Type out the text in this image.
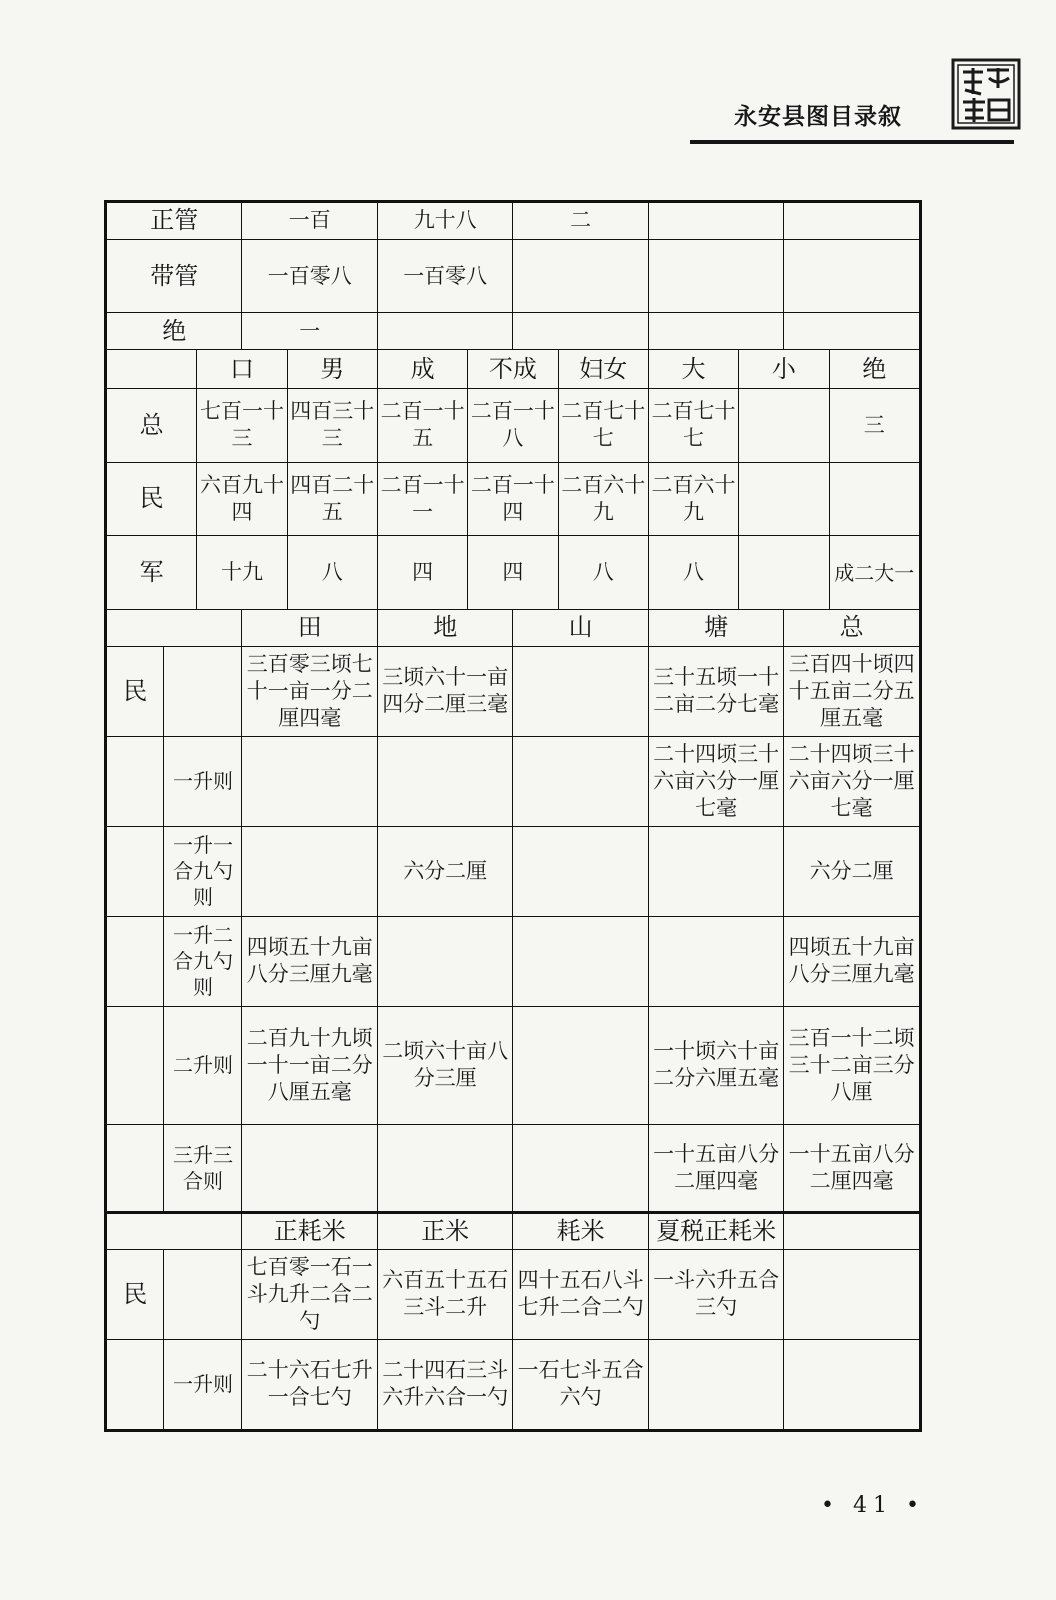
永安县图目录叙
正管			一百		九十八		二					
带管			一百零八		一百零八							
绝			一									
		口		男	成	不成		妇女	大	小		绝
总		七百一十三		四百三十三	二百一十五	二百一十八		二百七十七	二百七十七			三
民		六百九十四		四百二十五	二百一十一	二百一十四		二百六十九	二百六十九			
军		十九		八	四	四		八	八			成二大一
			田		地		山		塘		总	
民			三百零三顷七十一亩一分二厘四毫		三顷六十一亩四分二厘三毫				三十五顷一十二亩二分七毫		三百四十顷四十五亩二分五厘五毫	
	一升则								二十四顷三十六亩六分一厘七毫		二十四顷三十六亩六分一厘七毫	
	一升一合九勺则				六分二厘						六分二厘	
	一升二合九勺则		四顷五十九亩八分三厘九毫								四顷五十九亩八分三厘九毫	
	二升则		二百九十九顷一十一亩二分八厘五毫		二顷六十亩八分三厘				一十顷六十亩二分六厘五毫		三百一十二顷三十二亩三分八厘	
	三升三合则								一十五亩八分二厘四毫		一十五亩八分二厘四毫	
			正耗米		正米		耗米		夏税正耗米			
民			七百零一石一斗九升二合二勺		六百五十五石三斗二升		四十五石八斗七升二合二勺		一斗六升五合三勺			
	一升则		二十六石七升一合七勺		二十四石三斗六升六合一勺		一石七斗五合六勺					
• 41 •
